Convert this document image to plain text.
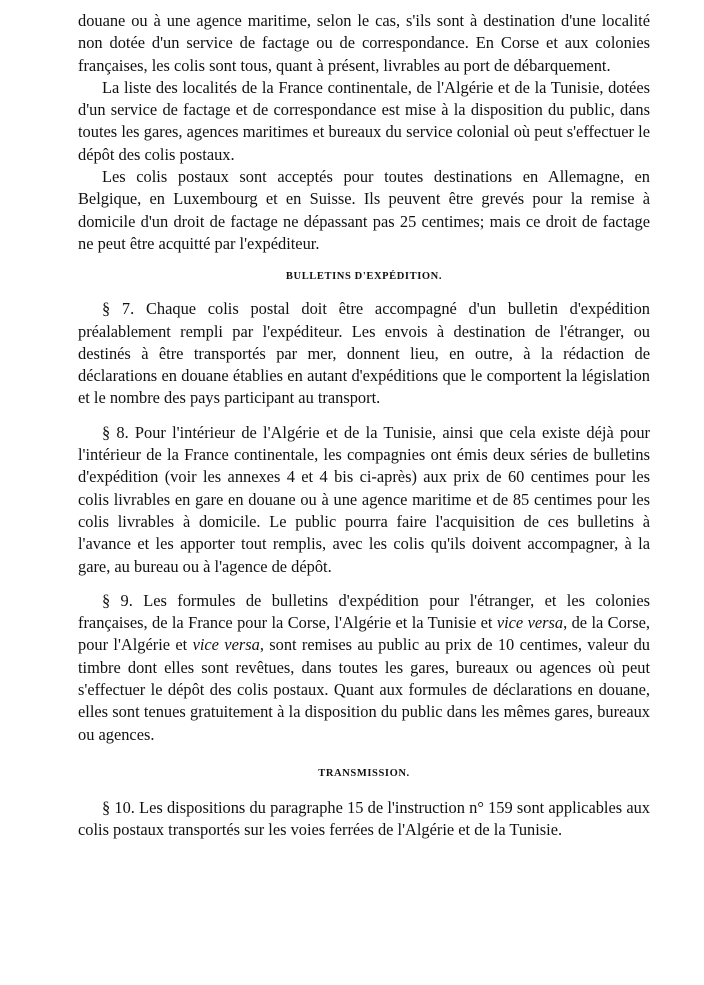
douane ou à une agence maritime, selon le cas, s'ils sont à destination d'une localité non dotée d'un service de factage ou de correspondance. En Corse et aux colonies françaises, les colis sont tous, quant à présent, livrables au port de débarquement.

La liste des localités de la France continentale, de l'Algérie et de la Tunisie, dotées d'un service de factage et de correspondance est mise à la disposition du public, dans toutes les gares, agences maritimes et bureaux du service colonial où peut s'effectuer le dépôt des colis postaux.

Les colis postaux sont acceptés pour toutes destinations en Allemagne, en Belgique, en Luxembourg et en Suisse. Ils peuvent être grevés pour la remise à domicile d'un droit de factage ne dépassant pas 25 centimes; mais ce droit de factage ne peut être acquitté par l'expéditeur.

BULLETINS D'EXPÉDITION.

§ 7. Chaque colis postal doit être accompagné d'un bulletin d'expédition préalablement rempli par l'expéditeur. Les envois à destination de l'étranger, ou destinés à être transportés par mer, donnent lieu, en outre, à la rédaction de déclarations en douane établies en autant d'expéditions que le comportent la législation et le nombre des pays participant au transport.

§ 8. Pour l'intérieur de l'Algérie et de la Tunisie, ainsi que cela existe déjà pour l'intérieur de la France continentale, les compagnies ont émis deux séries de bulletins d'expédition (voir les annexes 4 et 4 bis ci-après) aux prix de 60 centimes pour les colis livrables en gare en douane ou à une agence maritime et de 85 centimes pour les colis livrables à domicile. Le public pourra faire l'acquisition de ces bulletins à l'avance et les apporter tout remplis, avec les colis qu'ils doivent accompagner, à la gare, au bureau ou à l'agence de dépôt.

§ 9. Les formules de bulletins d'expédition pour l'étranger, et les colonies françaises, de la France pour la Corse, l'Algérie et la Tunisie et vice versa, de la Corse, pour l'Algérie et vice versa, sont remises au public au prix de 10 centimes, valeur du timbre dont elles sont revêtues, dans toutes les gares, bureaux ou agences où peut s'effectuer le dépôt des colis postaux. Quant aux formules de déclarations en douane, elles sont tenues gratuitement à la disposition du public dans les mêmes gares, bureaux ou agences.

TRANSMISSION.

§ 10. Les dispositions du paragraphe 15 de l'instruction n° 159 sont applicables aux colis postaux transportés sur les voies ferrées de l'Algérie et de la Tunisie.
